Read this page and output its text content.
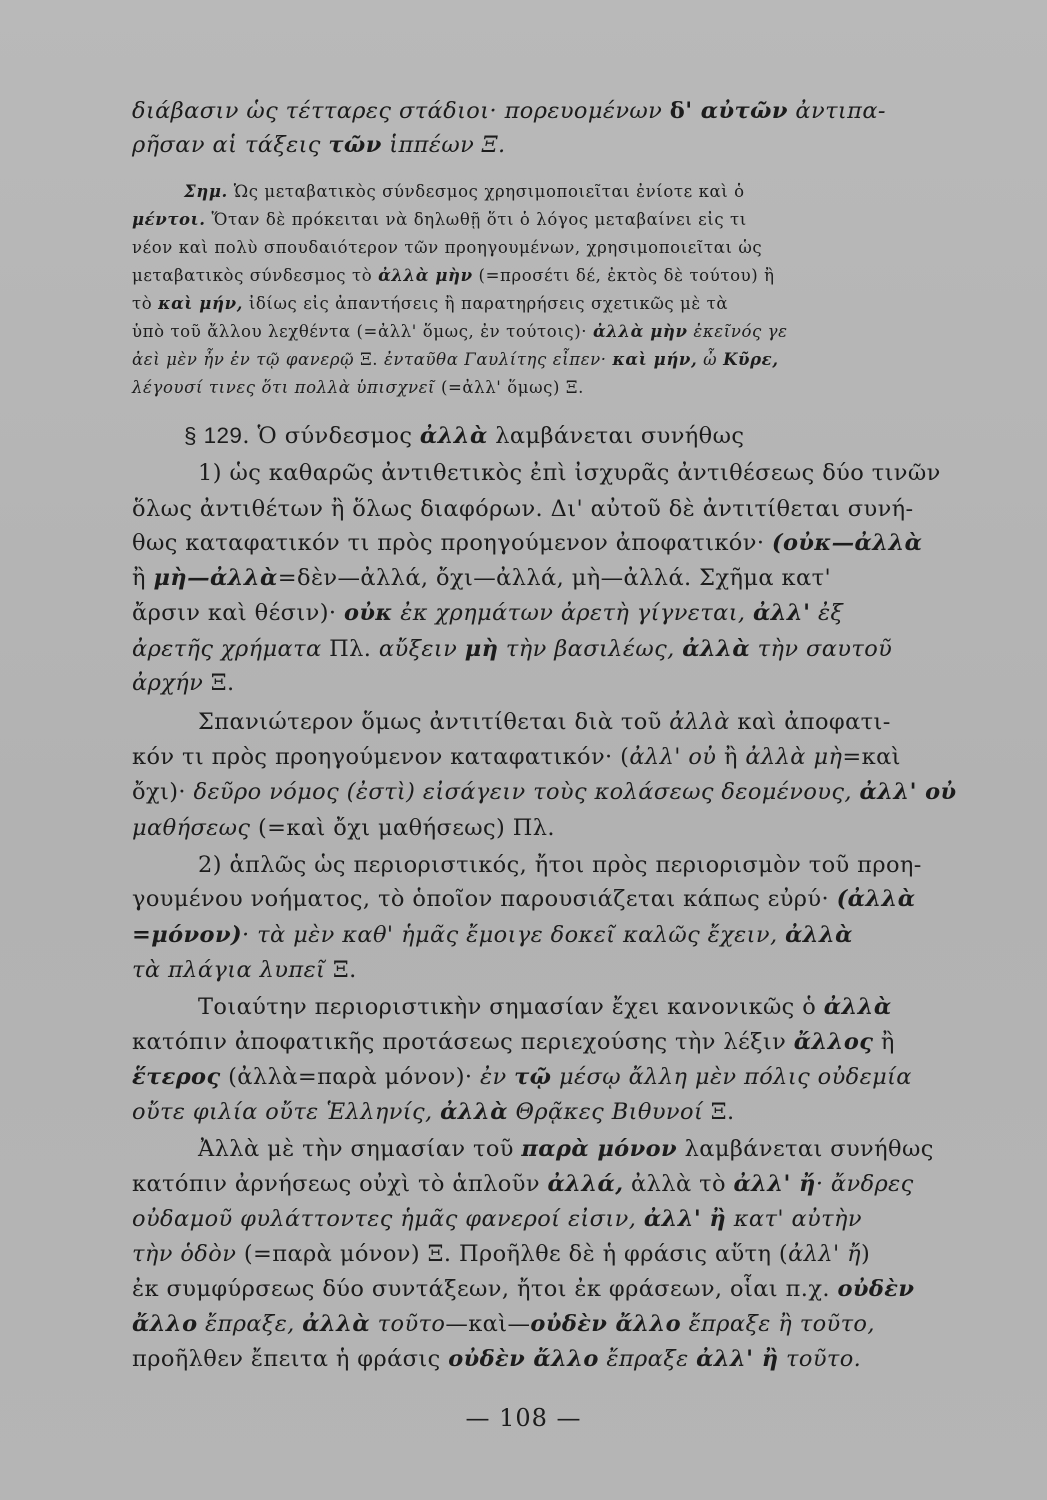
διάβασιν ὡς τέτταρες στάδιοι· πορευομένων δ' αὐτῶν ἀντιπα-
ρῆσαν αἱ τάξεις τῶν ἱππέων Ξ.
Σημ. Ὡς μεταβατικὸς σύνδεσμος χρησιμοποιεῖται ἐνίοτε καὶ ὁ
μέντοι. Ὅταν δὲ πρόκειται νὰ δηλωθῇ ὅτι ὁ λόγος μεταβαίνει εἰς τι
νέον καὶ πολὺ σπουδαιότερον τῶν προηγουμένων, χρησιμοποιεῖται ὡς
μεταβατικὸς σύνδεσμος τὸ ἀλλὰ μὴν (=προσέτι δέ, ἐκτὸς δὲ τούτου) ἢ
τὸ καὶ μήν, ἰδίως εἰς ἀπαντήσεις ἢ παρατηρήσεις σχετικῶς μὲ τὰ
ὑπὸ τοῦ ἄλλου λεχθέντα (=ἀλλ' ὅμως, ἐν τούτοις)· ἀλλὰ μὴν ἐκεῖνός γε
ἀεὶ μὲν ἦν ἐν τῷ φανερῷ Ξ. ἐνταῦθα Γαυλίτης εἶπεν· καὶ μήν, ὦ Κῦρε,
λέγουσί τινες ὅτι πολλὰ ὑπισχνεῖ (=ἀλλ' ὅμως) Ξ.
§ 129. Ὁ σύνδεσμος ἀλλὰ λαμβάνεται συνήθως
1) ὡς καθαρῶς ἀντιθετικὸς ἐπὶ ἰσχυρᾶς ἀντιθέσεως δύο τινῶν
ὅλως ἀντιθέτων ἢ ὅλως διαφόρων. Δι' αὐτοῦ δὲ ἀντιτίθεται συνή-
θως καταφατικόν τι πρὸς προηγούμενον ἀποφατικόν· (οὐκ—ἀλλὰ
ἢ μὴ—ἀλλὰ=δὲν—ἀλλά, ὄχι—ἀλλά, μὴ—ἀλλά. Σχῆμα κατ'
ἄρσιν καὶ θέσιν)· οὐκ ἐκ χρημάτων ἀρετὴ γίγνεται, ἀλλ' ἐξ
ἀρετῆς χρήματα Πλ. αὔξειν μὴ τὴν βασιλέως, ἀλλὰ τὴν σαυτοῦ
ἀρχήν Ξ.
Σπανιώτερον ὅμως ἀντιτίθεται διὰ τοῦ ἀλλὰ καὶ ἀποφατι-
κόν τι πρὸς προηγούμενον καταφατικόν· (ἀλλ' οὐ ἢ ἀλλὰ μὴ=καὶ
ὄχι)· δεῦρο νόμος (ἐστὶ) εἰσάγειν τοὺς κολάσεως δεομένους, ἀλλ' οὐ
μαθήσεως (=καὶ ὄχι μαθήσεως) Πλ.
2) ἁπλῶς ὡς περιοριστικός, ἤτοι πρὸς περιορισμὸν τοῦ προη-
γουμένου νοήματος, τὸ ὁποῖον παρουσιάζεται κάπως εὐρύ· (ἀλλὰ
=μόνον)· τὰ μὲν καθ' ἡμᾶς ἔμοιγε δοκεῖ καλῶς ἔχειν, ἀλλὰ
τὰ πλάγια λυπεῖ Ξ.
Τοιαύτην περιοριστικὴν σημασίαν ἔχει κανονικῶς ὁ ἀλλὰ
κατόπιν ἀποφατικῆς προτάσεως περιεχούσης τὴν λέξιν ἄλλος ἢ
ἕτερος (ἀλλὰ=παρὰ μόνον)· ἐν τῷ μέσῳ ἄλλη μὲν πόλις οὐδεμία
οὔτε φιλία οὔτε Ἑλληνίς, ἀλλὰ Θρᾷκες Βιθυνοί Ξ.
Ἀλλὰ μὲ τὴν σημασίαν τοῦ παρὰ μόνον λαμβάνεται συνήθως
κατόπιν ἀρνήσεως οὐχὶ τὸ ἁπλοῦν ἀλλά, ἀλλὰ τὸ ἀλλ' ἤ· ἄνδρες
οὐδαμοῦ φυλάττοντες ἡμᾶς φανεροί εἰσιν, ἀλλ' ἢ κατ' αὐτὴν
τὴν ὁδὸν (=παρὰ μόνον) Ξ. Προῆλθε δὲ ἡ φράσις αὕτη (ἀλλ' ἤ)
ἐκ συμφύρσεως δύο συντάξεων, ἤτοι ἐκ φράσεων, οἷαι π.χ. οὐδὲν
ἄλλο ἔπραξε, ἀλλὰ τοῦτο—καὶ—οὐδὲν ἄλλο ἔπραξε ἢ τοῦτο,
προῆλθεν ἔπειτα ἡ φράσις οὐδὲν ἄλλο ἔπραξε ἀλλ' ἢ τοῦτο.
— 108 —
